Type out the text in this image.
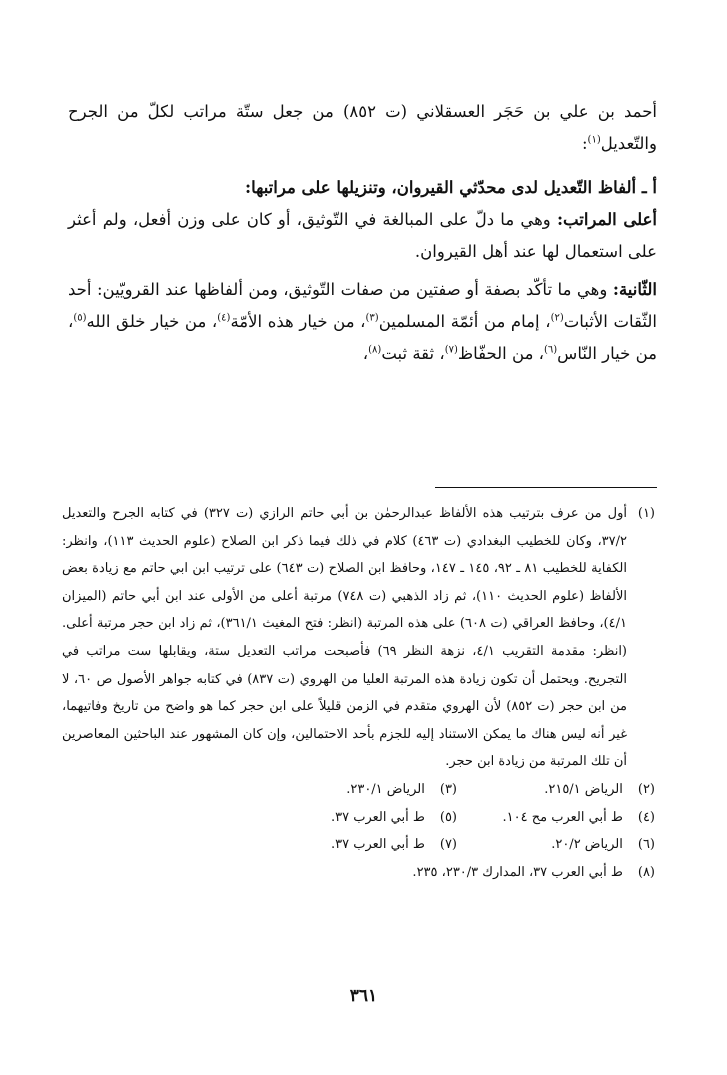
أحمد بن علي بن حَجَر العسقلاني (ت ٨٥٢) من جعل ستّة مراتب لكلّ من الجرح والتّعديل$^{(١)}$:

أ ـ ألفاظ التّعديل لدى محدّثي القيروان، وتنزيلها على مراتبها:

أعلى المراتب: وهي ما دلّ على المبالغة في التّوثيق، أو كان على وزن أفعل، ولم أعثر على استعمال لها عند أهل القيروان.

الثّانية: وهي ما تأكّد بصفة أو صفتين من صفات التّوثيق، ومن ألفاظها عند القرويّين: أحد الثّقات الأثبات$^{(٢)}$، إمام من أئمّة المسلمين$^{(٣)}$، من خيار هذه الأمّة$^{(٤)}$، من خيار خلق الله$^{(٥)}$، من خيار النّاس$^{(٦)}$، من الحفّاظ$^{(٧)}$، ثقة ثبت$^{(٨)}$،

(١)
أول من عرف بترتيب هذه الألفاظ عبدالرحمٰن بن أبي حاتم الرازي (ت ٣٢٧) في كتابه الجرح والتعديل ٣٧/٢، وكان للخطيب البغدادي (ت ٤٦٣) كلام في ذلك فيما ذكر ابن الصلاح (علوم الحديث ١١٣)، وانظر: الكفاية للخطيب ٨١ ـ ٩٢، ١٤٥ ـ ١٤٧، وحافظ ابن الصلاح (ت ٦٤٣) على ترتيب ابن ابي حاتم مع زيادة بعض الألفاظ (علوم الحديث ١١٠)، ثم زاد الذهبي (ت ٧٤٨) مرتبة أعلى من الأولى عند ابن أبي حاتم (الميزان ٤/١)، وحافظ العراقي (ت ٦٠٨) على هذه المرتبة (انظر: فتح المغيث ٣٦١/١)، ثم زاد ابن حجر مرتبة أعلى. (انظر: مقدمة التقريب ٤/١، نزهة النظر ٦٩) فأصبحت مراتب التعديل ستة، ويقابلها ست مراتب في التجريح. ويحتمل أن تكون زيادة هذه المرتبة العليا من الهروي (ت ٨٣٧) في كتابه جواهر الأصول ص ٦٠، لا من ابن حجر (ت ٨٥٢) لأن الهروي متقدم في الزمن قليلاً على ابن حجر كما هو واضح من تاريخ وفاتيهما، غير أنه ليس هناك ما يمكن الاستناد إليه للجزم بأحد الاحتمالين، وإن كان المشهور عند الباحثين المعاصرين أن تلك المرتبة من زيادة ابن حجر.
(٢) الرياض ٢١٥/١.
(٣) الرياض ٢٣٠/١.
(٤) ط أبي العرب مح ١٠٤.
(٥) ط أبي العرب ٣٧.
(٦) الرياض ٢٠/٢.
(٧) ط أبي العرب ٣٧.
(٨) ط أبي العرب ٣٧، المدارك ٢٣٠/٣، ٢٣٥.
٣٦١
